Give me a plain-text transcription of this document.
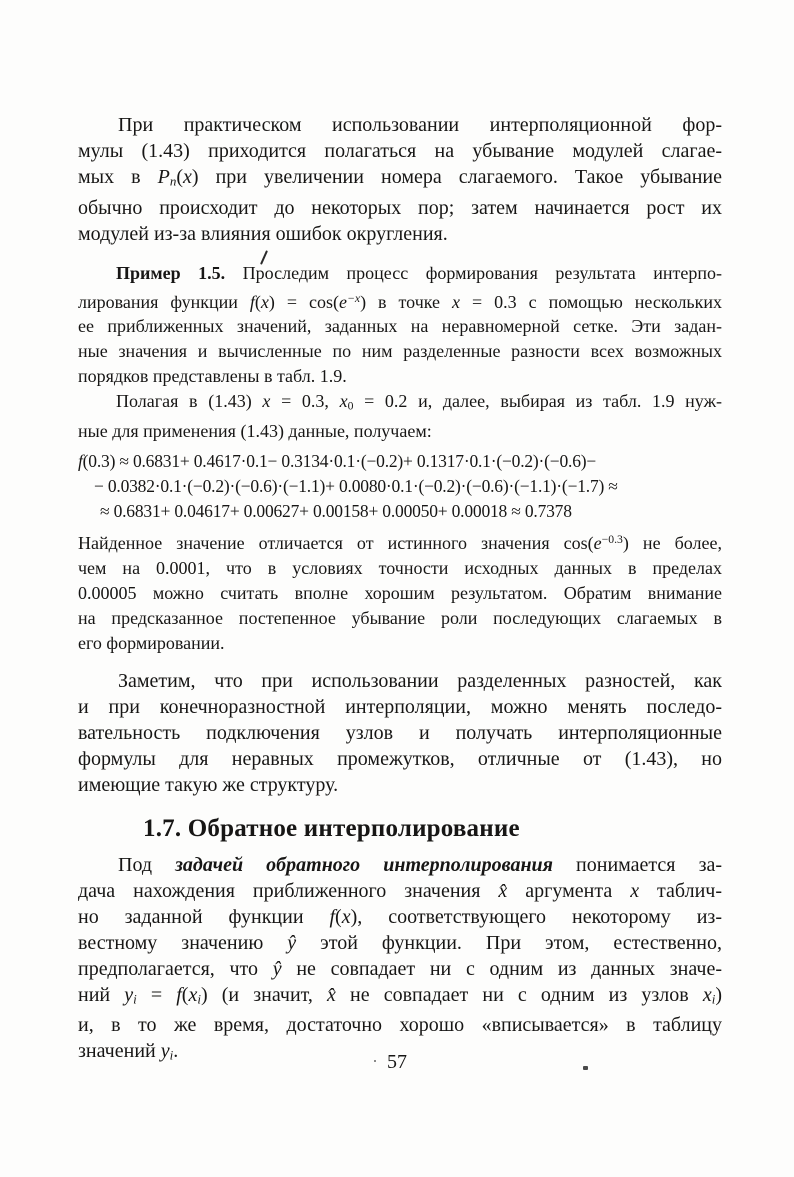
При практическом использовании интерполяционной фор-
мулы (1.43) приходится полагаться на убывание модулей слагае-
мых в $P_n(x)$ при увеличении номера слагаемого. Такое убывание
обычно происходит до некоторых пор; затем начинается рост их
модулей из-за влияния ошибок округления.
Пример 1.5. Проследим процесс формирования результата интерпо-
лирования функции $f(x) = \cos(e^{-x})$ в точке x = 0.3 с помощью нескольких
ее приближенных значений, заданных на неравномерной сетке. Эти задан-
ные значения и вычисленные по ним разделенные разности всех возможных
порядков представлены в табл. 1.9.
Полагая в (1.43) x = 0.3, $x_0 = 0.2$ и, далее, выбирая из табл. 1.9 нуж-
ные для применения (1.43) данные, получаем:
f(0.3) ≈ 0.6831+ 0.4617·0.1− 0.3134·0.1·(−0.2)+ 0.1317·0.1·(−0.2)·(−0.6)−
− 0.0382·0.1·(−0.2)·(−0.6)·(−1.1)+ 0.0080·0.1·(−0.2)·(−0.6)·(−1.1)·(−1.7) ≈
≈ 0.6831+ 0.04617+ 0.00627+ 0.00158+ 0.00050+ 0.00018 ≈ 0.7378
Найденное значение отличается от истинного значения $\cos(e^{-0.3})$ не более,
чем на 0.0001, что в условиях точности исходных данных в пределах
0.00005 можно считать вполне хорошим результатом. Обратим внимание
на предсказанное постепенное убывание роли последующих слагаемых в
его формировании.
Заметим, что при использовании разделенных разностей, как
и при конечноразностной интерполяции, можно менять последо-
вательность подключения узлов и получать интерполяционные
формулы для неравных промежутков, отличные от (1.43), но
имеющие такую же структуру.
1.7. Обратное интерполирование
Под задачей обратного интерполирования понимается за-
дача нахождения приближенного значения x̂ аргумента x таблич-
но заданной функции f(x), соответствующего некоторому из-
вестному значению ŷ этой функции. При этом, естественно,
предполагается, что ŷ не совпадает ни с одним из данных значе-
ний $y_i = f(x_i)$ (и значит, x̂ не совпадает ни с одним из узлов $x_i$)
и, в то же время, достаточно хорошо «вписывается» в таблицу
значений $y_i$.	57
